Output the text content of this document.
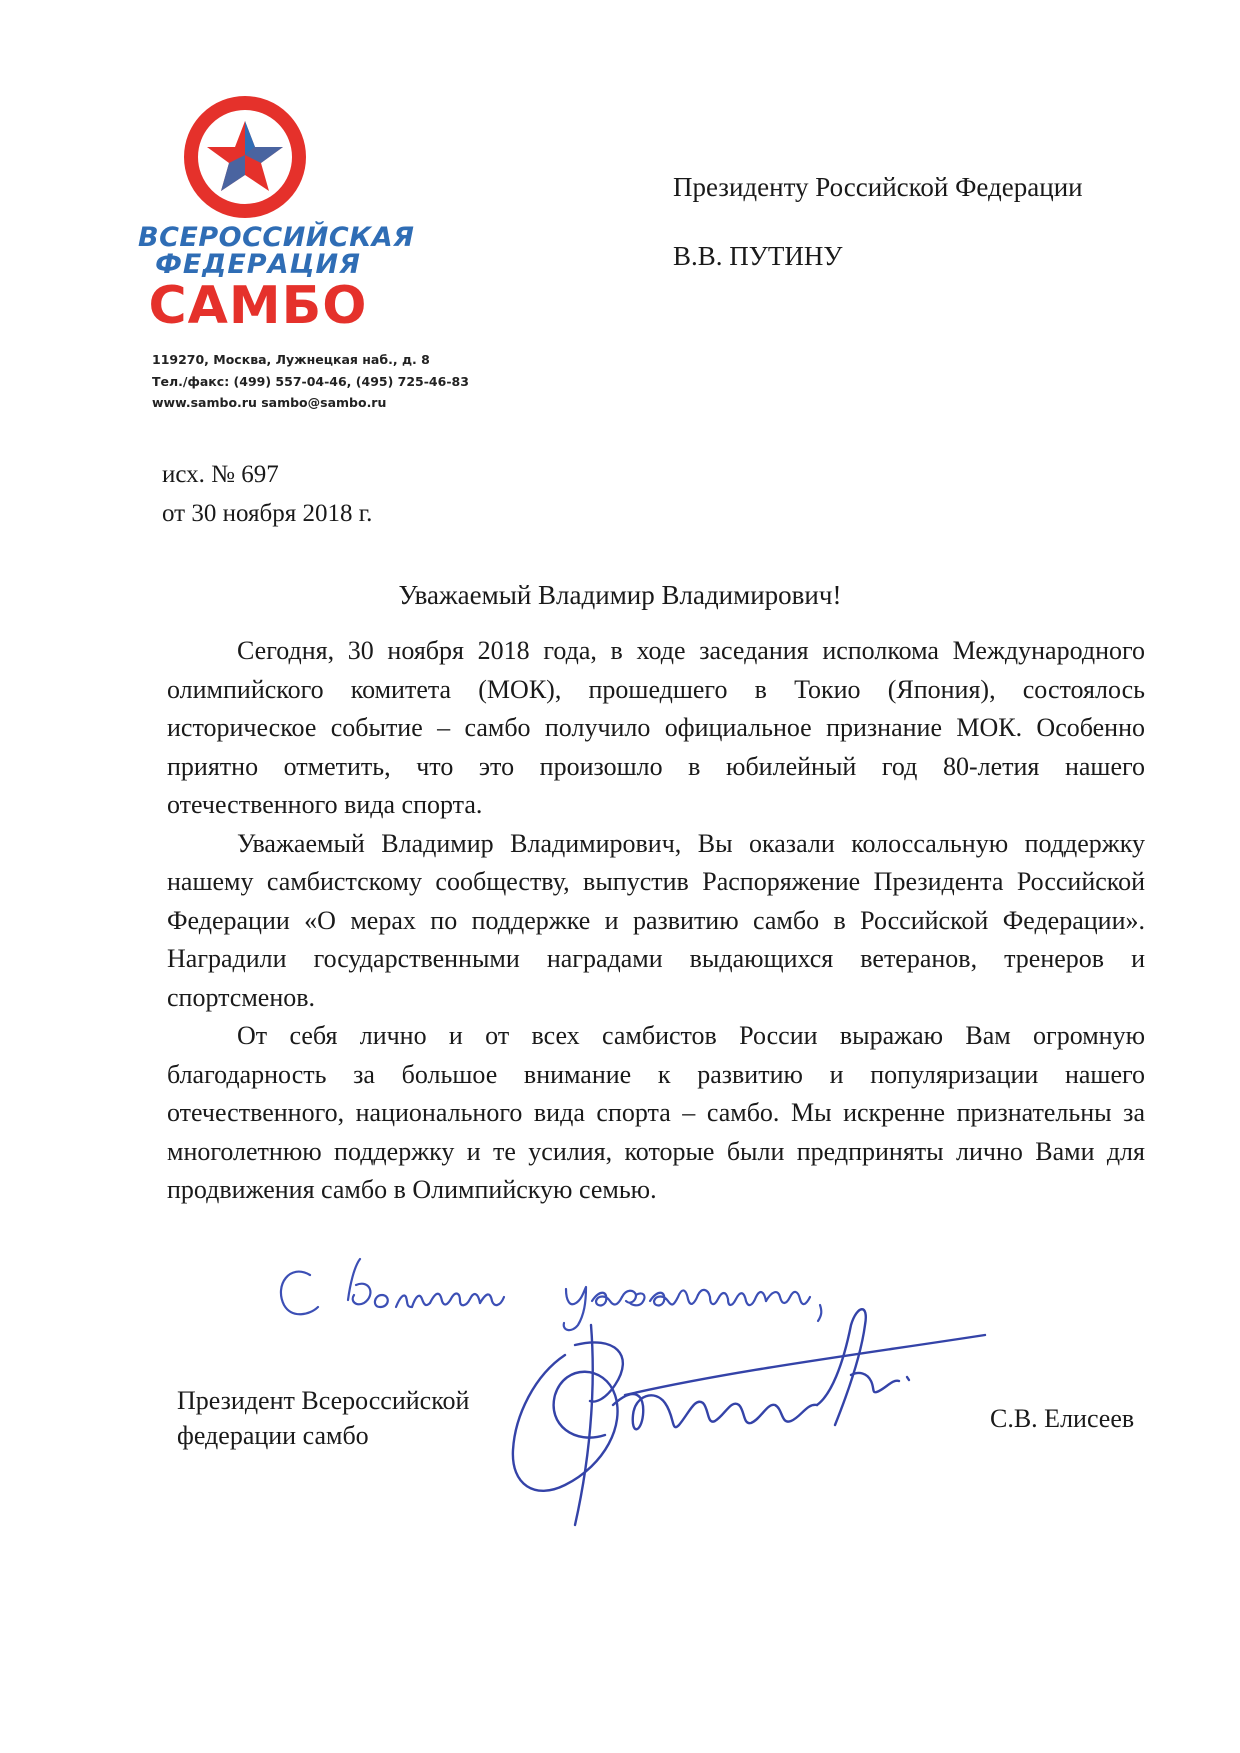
ВСЕРОССИЙСКАЯ
ФЕДЕРАЦИЯ
САМБО
119270, Москва, Лужнецкая наб., д. 8
Тел./факс: (499) 557-04-46, (495) 725-46-83
www.sambo.ru sambo@sambo.ru
Президенту Российской Федерации
В.В. ПУТИНУ
исх. № 697
от 30 ноября 2018 г.
Уважаемый Владимир Владимирович!

Сегодня, 30 ноября 2018 года, в ходе заседания исполкома Международного олимпийского комитета (МОК), прошедшего в Токио (Япония), состоялось историческое событие – самбо получило официальное признание МОК. Особенно приятно отметить, что это произошло в юбилейный год 80-летия нашего отечественного вида спорта.

Уважаемый Владимир Владимирович, Вы оказали колоссальную поддержку нашему самбистскому сообществу, выпустив Распоряжение Президента Российской Федерации «О мерах по поддержке и развитию самбо в Российской Федерации». Наградили государственными наградами выдающихся ветеранов, тренеров и спортсменов.

От себя лично и от всех самбистов России выражаю Вам огромную благодарность за большое внимание к развитию и популяризации нашего отечественного, национального вида спорта – самбо. Мы искренне признательны за многолетнюю поддержку и те усилия, которые были предприняты лично Вами для продвижения самбо в Олимпийскую семью.

Президент Всероссийской
федерации самбо
С.В. Елисеев
